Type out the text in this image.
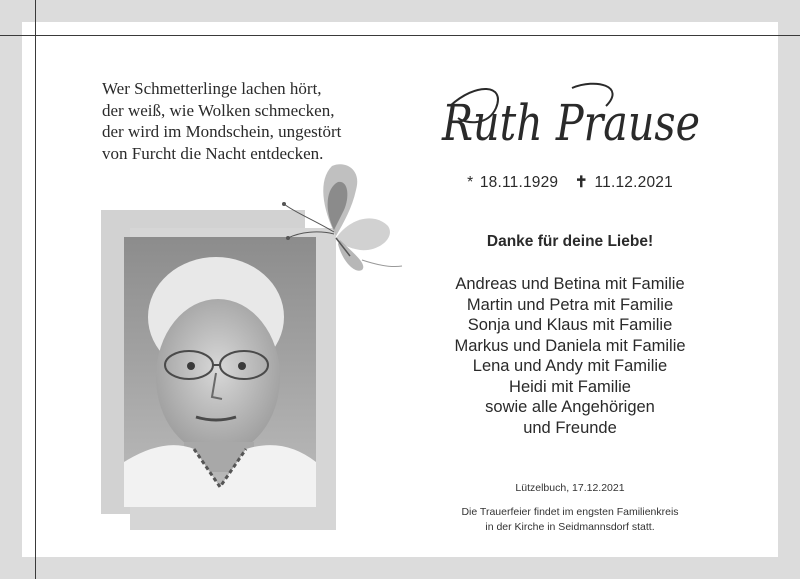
Wer Schmetterlinge lachen hört,
der weiß, wie Wolken schmecken,
der wird im Mondschein, ungestört
von Furcht die Nacht entdecken.
Ruth Prause
* 18.11.1929 ✝ 11.12.2021
Danke für deine Liebe!
Andreas und Betina mit Familie
Martin und Petra mit Familie
Sonja und Klaus mit Familie
Markus und Daniela mit Familie
Lena und Andy mit Familie
Heidi mit Familie
sowie alle Angehörigen
und Freunde
Lützelbuch, 17.12.2021
Die Trauerfeier findet im engsten Familienkreis
in der Kirche in Seidmannsdorf statt.
